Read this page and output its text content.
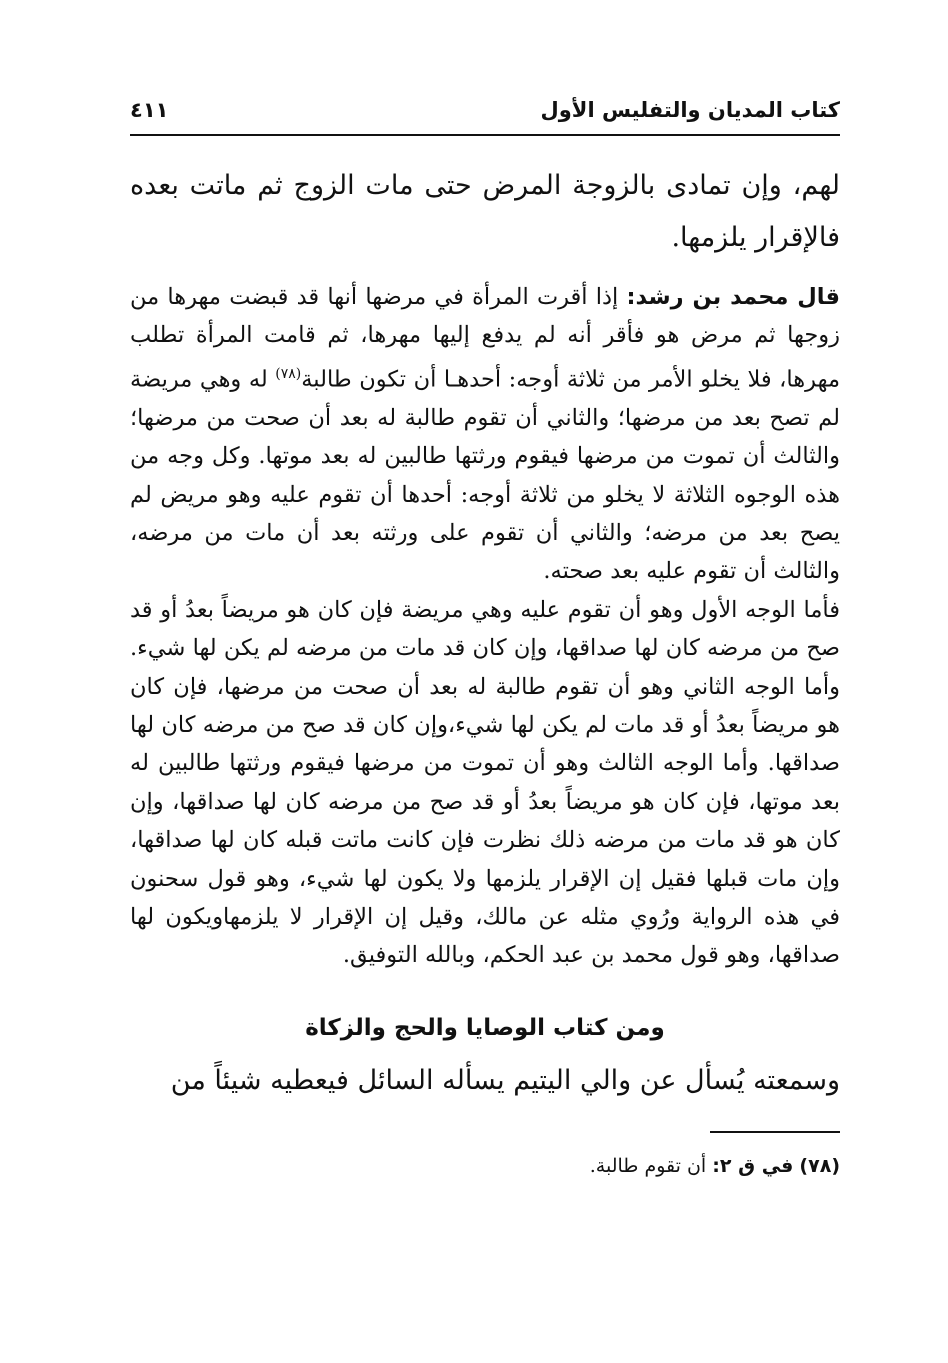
كتاب المديان والتفليس الأول
٤١١

لهم، وإن تمادى بالزوجة المرض حتى مات الزوج ثم ماتت بعده فالإقرار يلزمها.

قال محمد بن رشد: إذا أقرت المرأة في مرضها أنها قد قبضت مهرها من زوجها ثم مرض هو فأقر أنه لم يدفع إليها مهرها، ثم قامت المرأة تطلب مهرها، فلا يخلو الأمر من ثلاثة أوجه: أحدهـا أن تكون طالبة$^{(٧٨)}$ له وهي مريضة لم تصح بعد من مرضها؛ والثاني أن تقوم طالبة له بعد أن صحت من مرضها؛ والثالث أن تموت من مرضها فيقوم ورثتها طالبين له بعد موتها. وكل وجه من هذه الوجوه الثلاثة لا يخلو من ثلاثة أوجه: أحدها أن تقوم عليه وهو مريض لم يصح بعد من مرضه؛ والثاني أن تقوم على ورثته بعد أن مات من مرضه، والثالث أن تقوم عليه بعد صحته.

فأما الوجه الأول وهو أن تقوم عليه وهي مريضة فإن كان هو مريضاً بعدُ أو قد صح من مرضه كان لها صداقها، وإن كان قد مات من مرضه لم يكن لها شيء. وأما الوجه الثاني وهو أن تقوم طالبة له بعد أن صحت من مرضها، فإن كان هو مريضاً بعدُ أو قد مات لم يكن لها شيء،وإن كان قد صح من مرضه كان لها صداقها. وأما الوجه الثالث وهو أن تموت من مرضها فيقوم ورثتها طالبين له بعد موتها، فإن كان هو مريضاً بعدُ أو قد صح من مرضه كان لها صداقها، وإن كان هو قد مات من مرضه ذلك نظرت فإن كانت ماتت قبله كان لها صداقها، وإن مات قبلها فقيل إن الإقرار يلزمها ولا يكون لها شيء، وهو قول سحنون في هذه الرواية ورُوي مثله عن مالك، وقيل إن الإقرار لا يلزمهاويكون لها صداقها، وهو قول محمد بن عبد الحكم، وبالله التوفيق.

ومن كتاب الوصايا والحج والزكاة

وسمعته يُسأل عن والي اليتيم يسأله السائل فيعطيه شيئاً من

(٧٨) في ق ٢: أن تقوم طالبة.
